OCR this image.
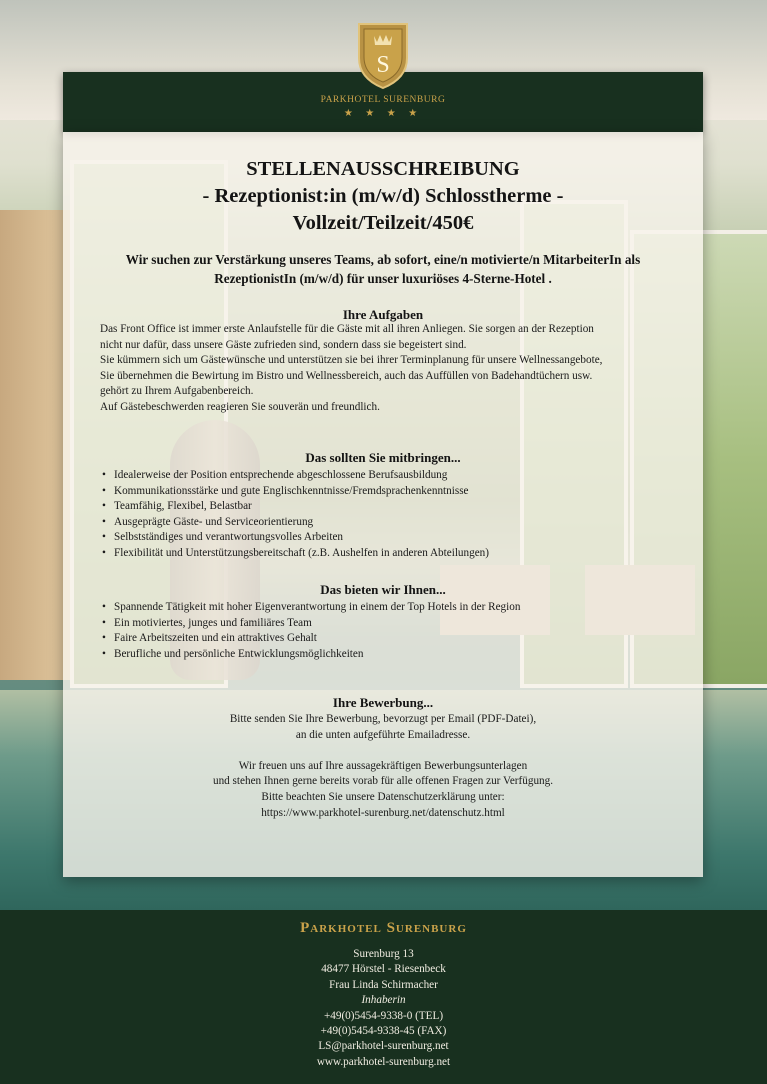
S
PARKHOTEL SURENBURG
★ ★ ★ ★
STELLENAUSSCHREIBUNG
- Rezeptionist:in (m/w/d) Schlosstherme -
Vollzeit/Teilzeit/450€
Wir suchen zur Verstärkung unseres Teams, ab sofort, eine/n motivierte/n MitarbeiterIn als
RezeptionistIn (m/w/d) für unser luxuriöses 4-Sterne-Hotel .
Ihre Aufgaben

Das Front Office ist immer erste Anlaufstelle für die Gäste mit all ihren Anliegen. Sie sorgen an der Rezeption

nicht nur dafür, dass unsere Gäste zufrieden sind, sondern dass sie begeistert sind.

Sie kümmern sich um Gästewünsche und unterstützen sie bei ihrer Terminplanung für unsere Wellnessangebote,

Sie übernehmen die Bewirtung im Bistro und Wellnessbereich, auch das Auffüllen von Badehandtüchern usw.

gehört zu Ihrem Aufgabenbereich.

Auf Gästebeschwerden reagieren Sie souverän und freundlich.

Das sollten Sie mitbringen...
• Idealerweise der Position entsprechende abgeschlossene Berufsausbildung
• Kommunikationsstärke und gute Englischkenntnisse/Fremdsprachenkenntnisse
• Teamfähig, Flexibel, Belastbar
• Ausgeprägte Gäste- und Serviceorientierung
• Selbstständiges und verantwortungsvolles Arbeiten
• Flexibilität und Unterstützungsbereitschaft (z.B. Aushelfen in anderen Abteilungen)
Das bieten wir Ihnen...
• Spannende Tätigkeit mit hoher Eigenverantwortung in einem der Top Hotels in der Region
• Ein motiviertes, junges und familiäres Team
• Faire Arbeitszeiten und ein attraktives Gehalt
• Berufliche und persönliche Entwicklungsmöglichkeiten
Ihre Bewerbung...

Bitte senden Sie Ihre Bewerbung, bevorzugt per Email (PDF-Datei),

an die unten aufgeführte Emailadresse.

Wir freuen uns auf Ihre aussagekräftigen Bewerbungsunterlagen

und stehen Ihnen gerne bereits vorab für alle offenen Fragen zur Verfügung.

Bitte beachten Sie unsere Datenschutzerklärung unter:

https://www.parkhotel-surenburg.net/datenschutz.html

Parkhotel Surenburg
Surenburg 13
48477 Hörstel - Riesenbeck
Frau Linda Schirmacher
Inhaberin
+49(0)5454-9338-0 (TEL)
+49(0)5454-9338-45 (FAX)
LS@parkhotel-surenburg.net
www.parkhotel-surenburg.net
